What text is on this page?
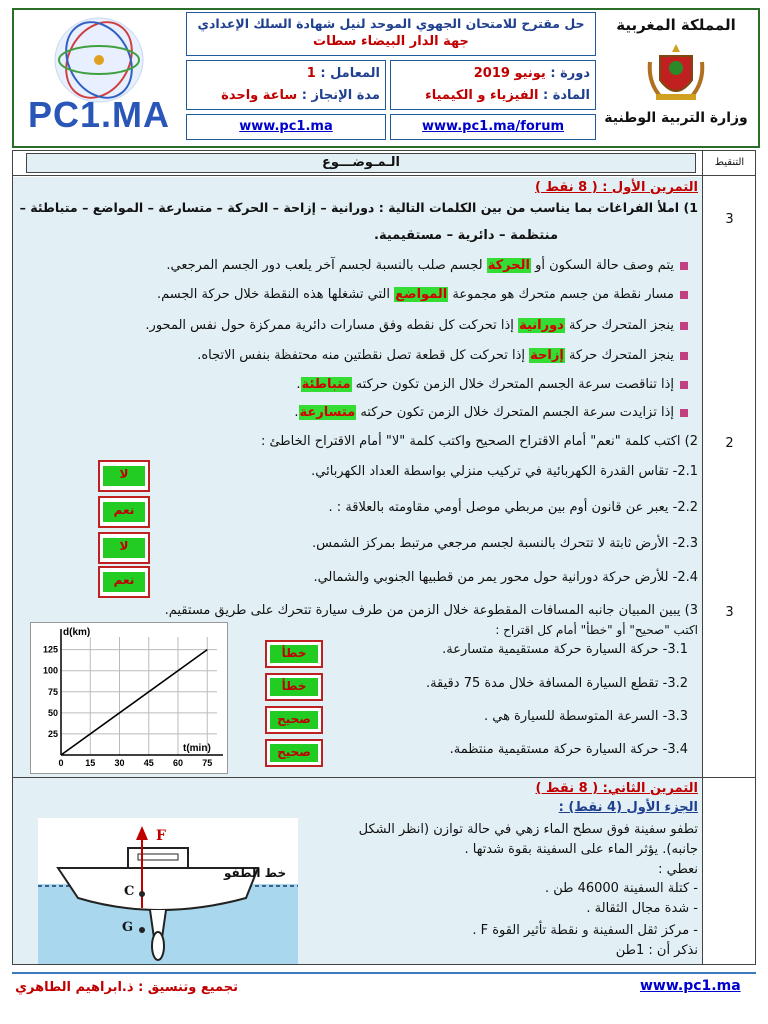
PC1.MA
حل مقترح للامتحان الجهوي الموحد لنيل شهادة السلك الإعدادي
جهة الدار البيضاء سطات
المعامل : 1
مدة الإنجاز : ساعة واحدة
دورة : يونيو 2019
المادة : الفيزياء و الكيمياء
www.pc1.ma	www.pc1.ma/forum
المملكة المغربية
وزارة التربية الوطنية
التنقيط
الـمـوضـــوع
3
2
3
التمرين الأول : ( 8 نقط )
1) املأ الفراغات بما يناسب من بين الكلمات التالية : دورانية – إزاحة – الحركة – متسارعة – المواضع – متباطئة –
منتظمة – دائرية – مستقيمية.
يتم وصف حالة السكون أو الحركة لجسم صلب بالنسبة لجسم آخر يلعب دور الجسم المرجعي.
مسار نقطة من جسم متحرك هو مجموعة المواضع التي تشغلها هذه النقطة خلال حركة الجسم.
ينجز المتحرك حركة دورانية إذا تحركت كل نقطه وفق مسارات دائرية ممركزة حول نفس المحور.
ينجز المتحرك حركة إزاحة إذا تحركت كل قطعة تصل نقطتين منه محتفظة بنفس الاتجاه.
إذا تناقصت سرعة الجسم المتحرك خلال الزمن تكون حركته متباطئة.
إذا تزايدت سرعة الجسم المتحرك خلال الزمن تكون حركته متسارعة.
2) اكتب كلمة "نعم" أمام الاقتراح الصحيح واكتب كلمة "لا" أمام الاقتراح الخاطئ :
2.1- تقاس القدرة الكهربائية في تركيب منزلي بواسطة العداد الكهربائي.
2.2- يعبر عن قانون أوم بين مربطي موصل أومي مقاومته بالعلاقة : .
2.3- الأرض ثابتة لا تتحرك بالنسبة لجسم مرجعي مرتبط بمركز الشمس.
2.4- للأرض حركة دورانية حول محور يمر من قطبيها الجنوبي والشمالي.
لا
نعم
لا
نعم
3) يبين المبيان جانبه المسافات المقطوعة خلال الزمن من طرف سيارة تتحرك على طريق مستقيم.
اكتب "صحيح" أو "خطأ" أمام كل اقتراح :
3.1- حركة السيارة حركة مستقيمية متسارعة.
3.2- تقطع السيارة المسافة خلال مدة 75 دقيقة.
3.3- السرعة المتوسطة للسيارة هي .
3.4- حركة السيارة حركة مستقيمية منتظمة.
خطأ
خطأ
صحيح
صحيح
0 15 30 45 60 75
25
50
75
100
125
d(km)
t(min)
التمرين الثاني: ( 8 نقط )
الجزء الأول (4 نقط) :
تطفو سفينة فوق سطح الماء زهي في حالة توازن (انظر الشكل
جانبه). يؤثر الماء على السفينة بقوة شدتها .
نعطي :
- كتلة السفينة 46000 طن .
- شدة مجال الثقالة .
- مركز ثقل السفينة و نقطة تأثير القوة F .
نذكر أن : 1طن
F
C
G
خط الطفو
تجميع وتنسيق : ذ.ابراهيم الطاهري	www.pc1.ma
